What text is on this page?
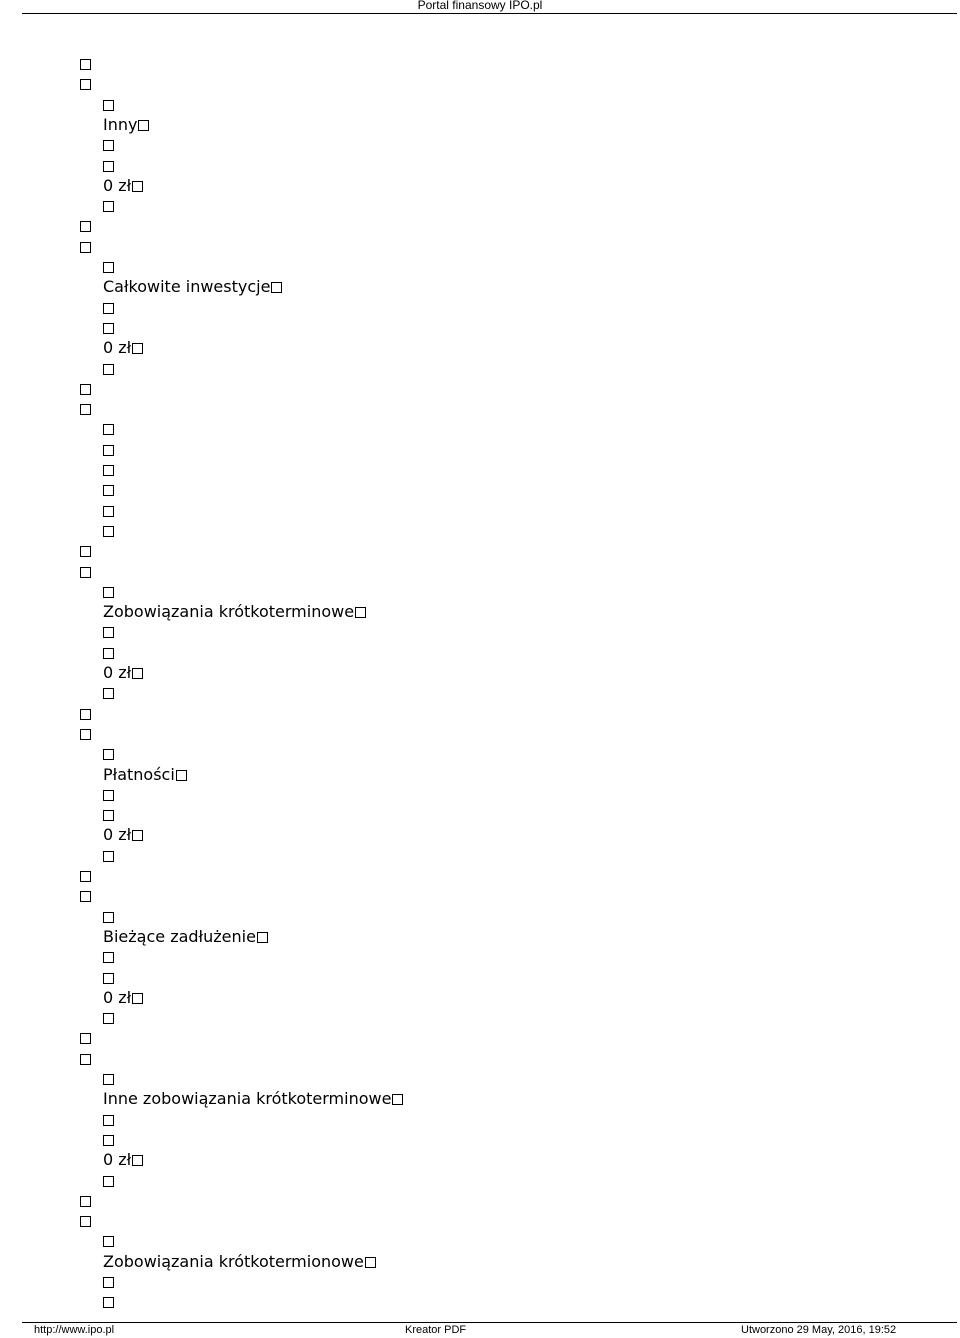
Portal finansowy IPO.pl
Inny
0 zł
Całkowite inwestycje
0 zł
Zobowiązania krótkoterminowe
0 zł
Płatności
0 zł
Bieżące zadłużenie
0 zł
Inne zobowiązania krótkoterminowe
0 zł
Zobowiązania krótkotermionowe
http://www.ipo.pl	Kreator PDF	Utworzono 29 May, 2016, 19:52
